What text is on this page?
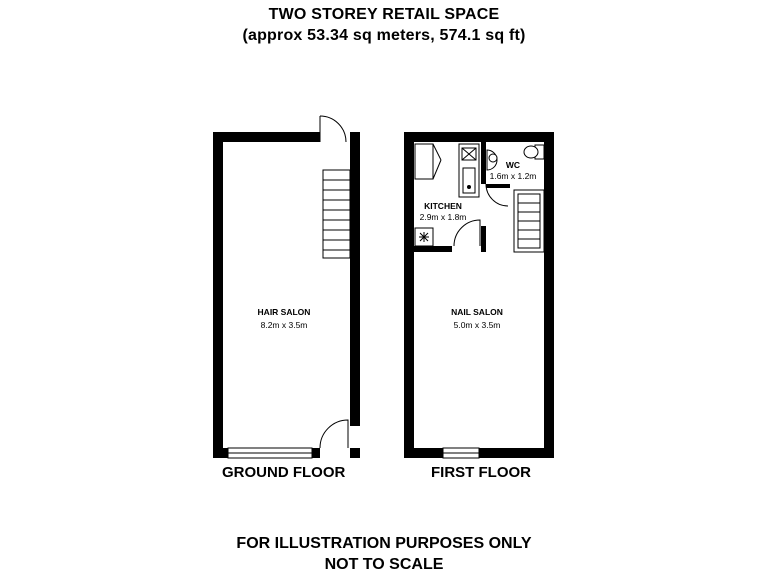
TWO STOREY RETAIL SPACE
(approx 53.34 sq meters, 574.1 sq ft)
HAIR SALON
8.2m x 3.5m
WC
1.6m x 1.2m
KITCHEN
2.9m x 1.8m
NAIL SALON
5.0m x 3.5m
GROUND FLOOR	FIRST FLOOR
FOR ILLUSTRATION PURPOSES ONLY
NOT TO SCALE
